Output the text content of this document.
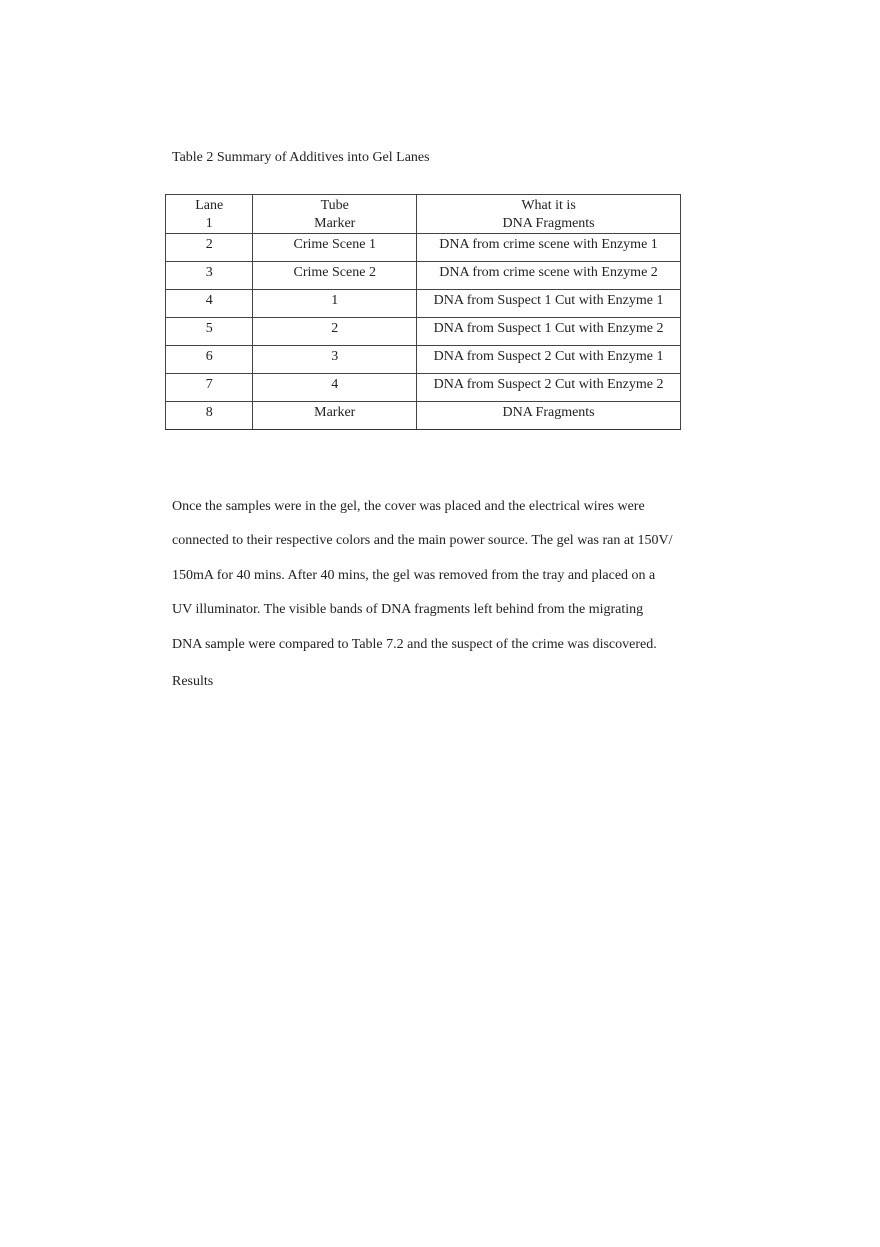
Table 2 Summary of Additives into Gel Lanes

Lane	Tube	What it is
1	Marker	DNA Fragments
2	Crime Scene 1	DNA from crime scene with Enzyme 1
3	Crime Scene 2	DNA from crime scene with Enzyme 2
4	1	DNA from Suspect 1 Cut with Enzyme 1
5	2	DNA from Suspect 1 Cut with Enzyme 2
6	3	DNA from Suspect 2 Cut with Enzyme 1
7	4	DNA from Suspect 2 Cut with Enzyme 2
8	Marker	DNA Fragments

Once the samples were in the gel, the cover was placed and the electrical wires were
connected to their respective colors and the main power source. The gel was ran at 150V/
150mA for 40 mins. After 40 mins, the gel was removed from the tray and placed on a
UV illuminator. The visible bands of DNA fragments left behind from the migrating
DNA sample were compared to Table 7.2 and the suspect of the crime was discovered.

Results
